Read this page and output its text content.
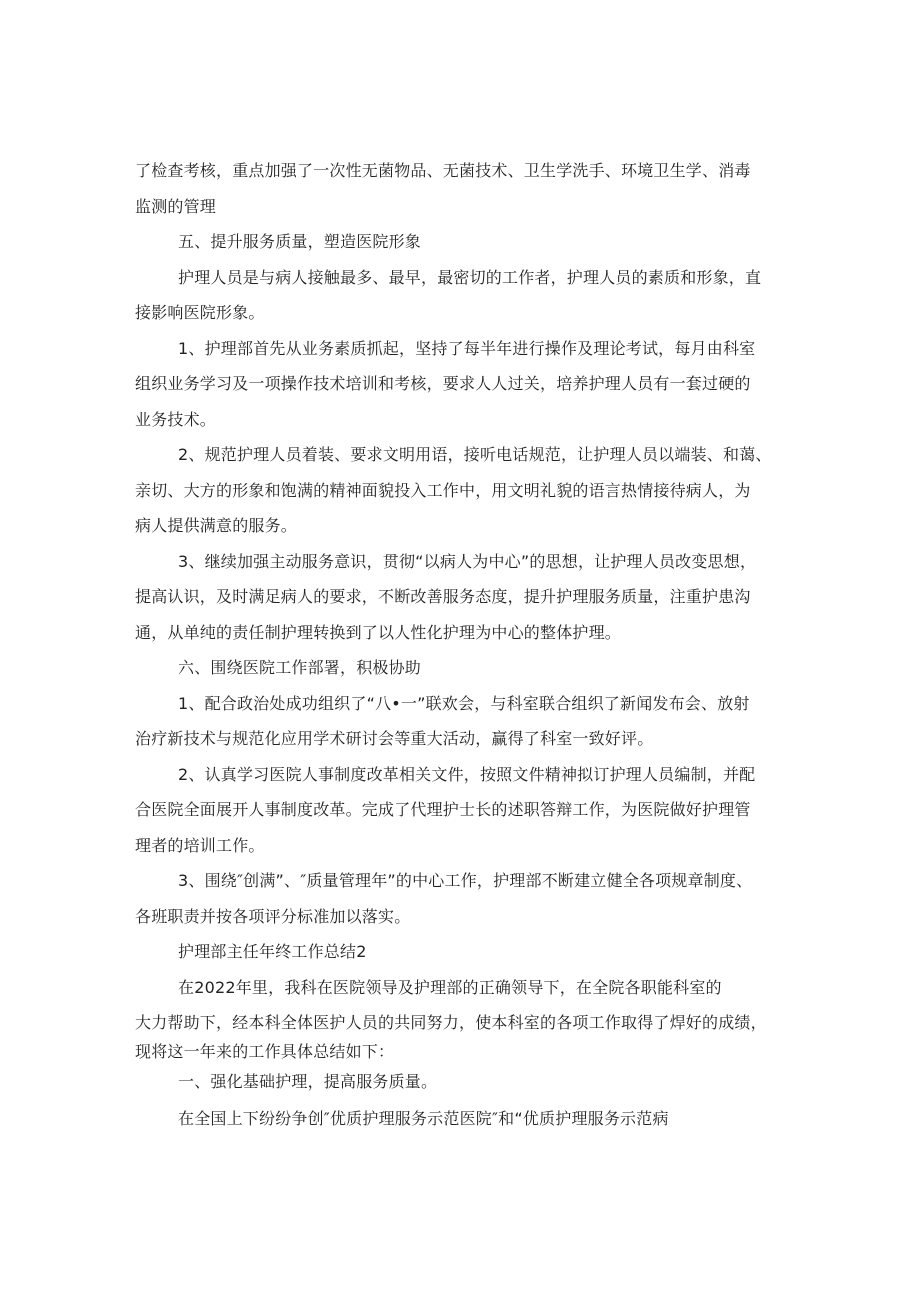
了检查考核，重点加强了一次性无菌物品、无菌技术、卫生学洗手、环境卫生学、消毒
监测的管理
五、提升服务质量，塑造医院形象
护理人员是与病人接触最多、最早，最密切的工作者，护理人员的素质和形象，直
接影响医院形象。
1、护理部首先从业务素质抓起，坚持了每半年进行操作及理论考试，每月由科室
组织业务学习及一项操作技术培训和考核，要求人人过关，培养护理人员有一套过硬的
业务技术。
2、规范护理人员着装、要求文明用语，接听电话规范，让护理人员以端装、和蔼、
亲切、大方的形象和饱满的精神面貌投入工作中，用文明礼貌的语言热情接待病人，为
病人提供满意的服务。
3、继续加强主动服务意识，贯彻“以病人为中心”的思想，让护理人员改变思想，
提高认识，及时满足病人的要求，不断改善服务态度，提升护理服务质量，注重护患沟
通，从单纯的责任制护理转换到了以人性化护理为中心的整体护理。
六、围绕医院工作部署，积极协助
1、配合政治处成功组织了“八•一”联欢会，与科室联合组织了新闻发布会、放射
治疗新技术与规范化应用学术研讨会等重大活动，赢得了科室一致好评。
2、认真学习医院人事制度改革相关文件，按照文件精神拟订护理人员编制，并配
合医院全面展开人事制度改革。完成了代理护士长的述职答辩工作，为医院做好护理管
理者的培训工作。
3、围绕″创满”、″质量管理年”的中心工作，护理部不断建立健全各项规章制度、
各班职责并按各项评分标准加以落实。
护理部主任年终工作总结2
在2022年里，我科在医院领导及护理部的正确领导下，在全院各职能科室的
大力帮助下，经本科全体医护人员的共同努力，使本科室的各项工作取得了焊好的成绩，
现将这一年来的工作具体总结如下：
一、强化基础护理，提高服务质量。
在全国上下纷纷争创″优质护理服务示范医院″和“优质护理服务示范病
